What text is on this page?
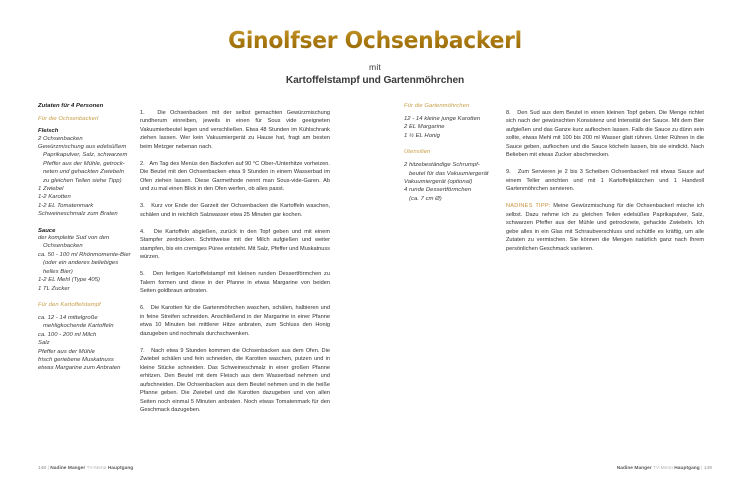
Ginolfser Ochsenbackerl
mit
Kartoffelstampf und Gartenmöhrchen
Zutaten für 4 Personen
Für die Ochsenbackerl
Fleisch
2 Ochsenbacken
Gewürzmischung aus edelsüßem
Paprikapulver, Salz, schwarzem
Pfeffer aus der Mühle, getrock-
neten und gehackten Zwiebeln
zu gleichen Teilen siehe Tipp)
1 Zwiebel
1-2 Karotten
1-2 EL Tomatenmark
Schweineschmalz zum Braten
Sauce
der komplette Sud von den
Ochsenbacken
ca. 50 - 100 ml Rhönmomente-Bier
(oder ein anderes beliebiges
helles Bier)
1-2 EL Mehl (Type 405)
1 TL Zucker
Für den Kartoffelstampf
ca. 12 - 14 mittelgroße
mehligkochende Kartoffeln
ca. 100 - 200 ml Milch
Salz
Pfeffer aus der Mühle
frisch geriebene Muskatnuss
etwas Margarine zum Anbraten

1. Die Ochsenbacken mit der selbst gemachten Gewürzmischung rundherum einreiben, jeweils in einen für Sous vide geeigneten Vakuumierbeutel legen und verschließen. Etwa 48 Stunden im Kühlschrank ziehen lassen. Wer kein Vakuumiergerät zu Hause hat, fragt am besten beim Metzger nebenan nach.

2. Am Tag des Menüs den Backofen auf 90 °C Ober-/Unterhitze vorheizen. Die Beutel mit den Ochsenbacken etwa 9 Stunden in einem Wasserbad im Ofen ziehen lassen. Diese Garmethode nennt man Sous-vide-Garen. Ab und zu mal einen Blick in den Ofen werfen, ob alles passt.

3. Kurz vor Ende der Garzeit der Ochsenbacken die Kartoffeln waschen, schälen und in reichlich Salzwasser etwa 25 Minuten gar kochen.

4. Die Kartoffeln abgießen, zurück in den Topf geben und mit einem Stampfer zerdrücken. Schrittweise mit der Milch aufgießen und weiter stampfen, bis ein cremiges Püree entsteht. Mit Salz, Pfeffer und Muskatnuss würzen.

5. Den fertigen Kartoffelstampf mit kleinen runden Dessertförmchen zu Talern formen und diese in der Pfanne in etwas Margarine von beiden Seiten goldbraun anbraten.

6. Die Karotten für die Gartenmöhrchen waschen, schälen, halbieren und in feine Streifen schneiden. Anschließend in der Margarine in einer Pfanne etwa 10 Minuten bei mittlerer Hitze anbraten, zum Schluss den Honig dazugeben und nochmals durchschwenken.

7. Nach etwa 9 Stunden kommen die Ochsenbacken aus dem Ofen. Die Zwiebel schälen und fein schneiden, die Karotten waschen, putzen und in kleine Stücke schneiden. Das Schweineschmalz in einer großen Pfanne erhitzen. Den Beutel mit dem Fleisch aus dem Wasserbad nehmen und aufschneiden. Die Ochsenbacken aus dem Beutel nehmen und in die heiße Pfanne geben. Die Zwiebel und die Karotten dazugeben und von allen Seiten noch einmal 5 Minuten anbraten. Noch etwas Tomatenmark für den Geschmack dazugeben.

Für die Gartenmöhrchen
12 - 14 kleine junge Karotten
2 EL Margarine
1 ½ EL Honig
Utensilien
2 hitzebeständige Schrumpf-
beutel für das Vakuumiergerät
Vakuumiergerät (optional)
4 runde Dessertförmchen
(ca. 7 cm Ø)

8. Den Sud aus dem Beutel in einen kleinen Topf geben. Die Menge richtet sich nach der gewünschten Konsistenz und Intensität der Sauce. Mit dem Bier aufgießen und das Ganze kurz aufkochen lassen. Falls die Sauce zu dünn sein sollte, etwas Mehl mit 100 bis 200 ml Wasser glatt rühren. Unter Rühren in die Sauce geben, aufkochen und die Sauce köcheln lassen, bis sie eindickt. Nach Belieben mit etwas Zucker abschmecken.

9. Zum Servieren je 2 bis 3 Scheiben Ochsenbackerl mit etwas Sauce auf einem Teller anrichten und mit 1 Kartoffelplätzchen und 1 Handvoll Gartenmöhrchen servieren.

NADINES TIPP: Meine Gewürzmischung für die Ochsenbackerl mische ich selbst. Dazu nehme ich zu gleichen Teilen edelsüßes Paprikapulver, Salz, schwarzen Pfeffer aus der Mühle und getrocknete, gehackte Zwiebeln. Ich gebe alles in ein Glas mit Schraubverschluss und schüttle es kräftig, um alle Zutaten zu vermischen. Sie können die Mengen natürlich ganz nach Ihrem persönlichen Geschmack variieren.

148 | Nadine Manger TV-Menü Hauptgang	Nadine Manger TV-Menü Hauptgang | 149
